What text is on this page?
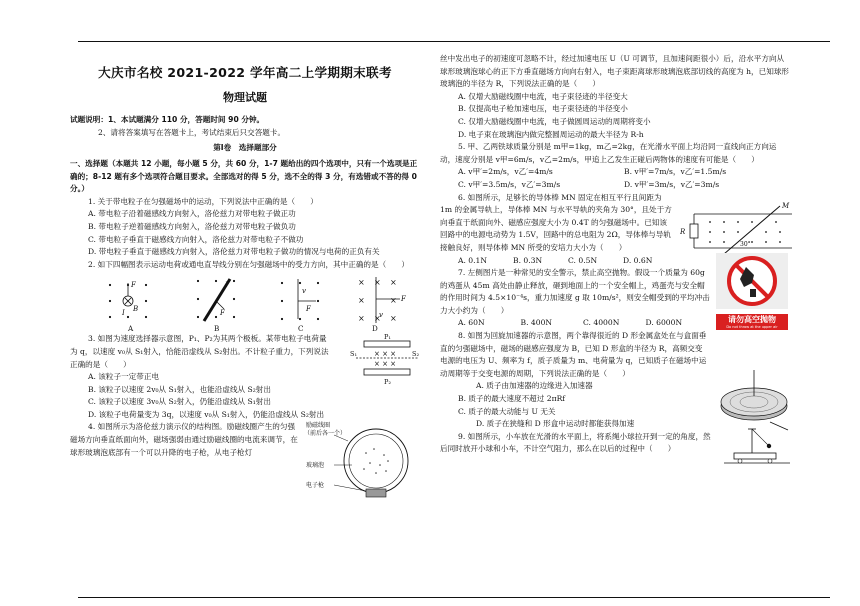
大庆市名校 2021-2022 学年高二上学期期末联考

物理试题

试题说明：1、本试题满分 110 分，答题时间 90 分钟。

2、请将答案填写在答题卡上，考试结束后只交答题卡。

第Ⅰ卷　选择题部分

一、选择题（本题共 12 小题，每小题 5 分，共 60 分，1-7 题给出的四个选项中，只有一个选项是正确的；8-12 题有多个选项符合题目要求。全部选对的得 5 分，选不全的得 3 分，有选错或不答的得 0 分。）

1. 关于带电粒子在匀强磁场中的运动，下列说法中正确的是（　　）

A. 带电粒子沿着磁感线方向射入，洛伦兹力对带电粒子做正功

B. 带电粒子逆着磁感线方向射入，洛伦兹力对带电粒子做负功

C. 带电粒子垂直于磁感线方向射入，洛伦兹力对带电粒子不做功

D. 带电粒子垂直于磁感线方向射入，洛伦兹力对带电粒子做功的情况与电荷的正负有关

2. 如下四幅图表示运动电荷或通电直导线分别在匀强磁场中的受力方向，其中正确的是（　　）

F
B
I
I
F
v
F
× × ×
×	×
× × ×
F
v
A	B	C	D

3. 如图为速度选择器示意图，P₁、P₂为其两个极板。某带电粒子电荷量为 q，以速度 v₀从 S₁射入，恰能沿虚线从 S₂射出。不计粒子重力，下列说法正确的是（　　）

× × ×
× × ×
P₁
P₂
S₁	S₂

A. 该粒子一定带正电

B. 该粒子以速度 2v₀从 S₁射入，也能沿虚线从 S₂射出

C. 该粒子以速度 3v₀从 S₂射入，仍能沿虚线从 S₁射出

D. 该粒子电荷量变为 3q，以速度 v₀从 S₁射入，仍能沿虚线从 S₂射出

4. 如图所示为洛伦兹力演示仪的结构图。励磁线圈产生的匀强磁场方向垂直纸面向外，磁场强弱由通过励磁线圈的电流来调节，在球形玻璃泡底部有一个可以升降的电子枪，从电子枪灯

励磁线圈
（前后各一个）
玻璃泡
电子枪

丝中发出电子的初速度可忽略不计，经过加速电压 U（U 可调节，且加速间距很小）后，沿水平方向从球形玻璃泡球心的正下方垂直磁场方向向右射入，电子束距离球形玻璃泡底部切线的高度为 h，已知球形玻璃泡的半径为 R，下列说法正确的是（　　）

A. 仅增大励磁线圈中电流，电子束径迹的半径变大

B. 仅提高电子枪加速电压，电子束径迹的半径变小

C. 仅增大励磁线圈中电流，电子做圆周运动的周期将变小

D. 电子束在玻璃泡内做完整圆周运动的最大半径为 R-h

5. 甲、乙两铁球质量分别是 m甲=1kg，m乙=2kg，在光滑水平面上均沿同一直线向正方向运动，速度分别是 v甲=6m/s，v乙=2m/s，甲追上乙发生正碰后两物体的速度有可能是（　　）

A. v甲′=2m/s，v乙′=4m/s	B. v甲′=7m/s，v乙′=1.5m/s
C. v甲′=3.5m/s，v乙′=3m/s	D. v甲′=3m/s，v乙′=3m/s

6. 如图所示，足够长的导体棒 MN 固定在相互平行且间距为 1m 的金属导轨上，导体棒 MN 与水平导轨的夹角为 30°，且处于方向垂直于纸面向外、磁感应强度大小为 0.4T 的匀强磁场中。已知该回路中的电源电动势为 1.5V，回路中的总电阻为 2Ω，导体棒与导轨接触良好，则导体棒 MN 所受的安培力大小为（　　）

R
M
30°
A. 0.1N	B. 0.3N	C. 0.5N	D. 0.6N

7. 左侧图片是一种常见的安全警示，禁止高空抛物。假设一个质量为 60g 的鸡蛋从 45m 高处由静止释放，砸到地面上的一个安全帽上，鸡蛋壳与安全帽的作用时间为 4.5×10⁻⁴s，重力加速度 g 取 10m/s²，则安全帽受到的平均冲击力大小约为（　　）

请勿高空抛物
Do not throw at the upper air
A. 60N	B. 400N	C. 4000N	D. 6000N

8. 如图为回旋加速器的示意图，两个靠得很近的 D 形金属盒处在与盒面垂直的匀强磁场中，磁场的磁感应强度为 B，已知 D 形盒的半径为 R，高频交变电源的电压为 U、频率为 f，质子质量为 m、电荷量为 q，已知质子在磁场中运动周期等于交变电源的周期，下列说法正确的是（　　）

A. 质子由加速器的边缘进入加速器

B. 质子的最大速度不超过 2πRf

C. 质子的最大动能与 U 无关

D. 质子在狭缝和 D 形盒中运动时都能获得加速

9. 如图所示，小车放在光滑的水平面上，将系绳小球拉开到一定的角度，然后同时放开小球和小车，不计空气阻力，那么在以后的过程中（　　）
